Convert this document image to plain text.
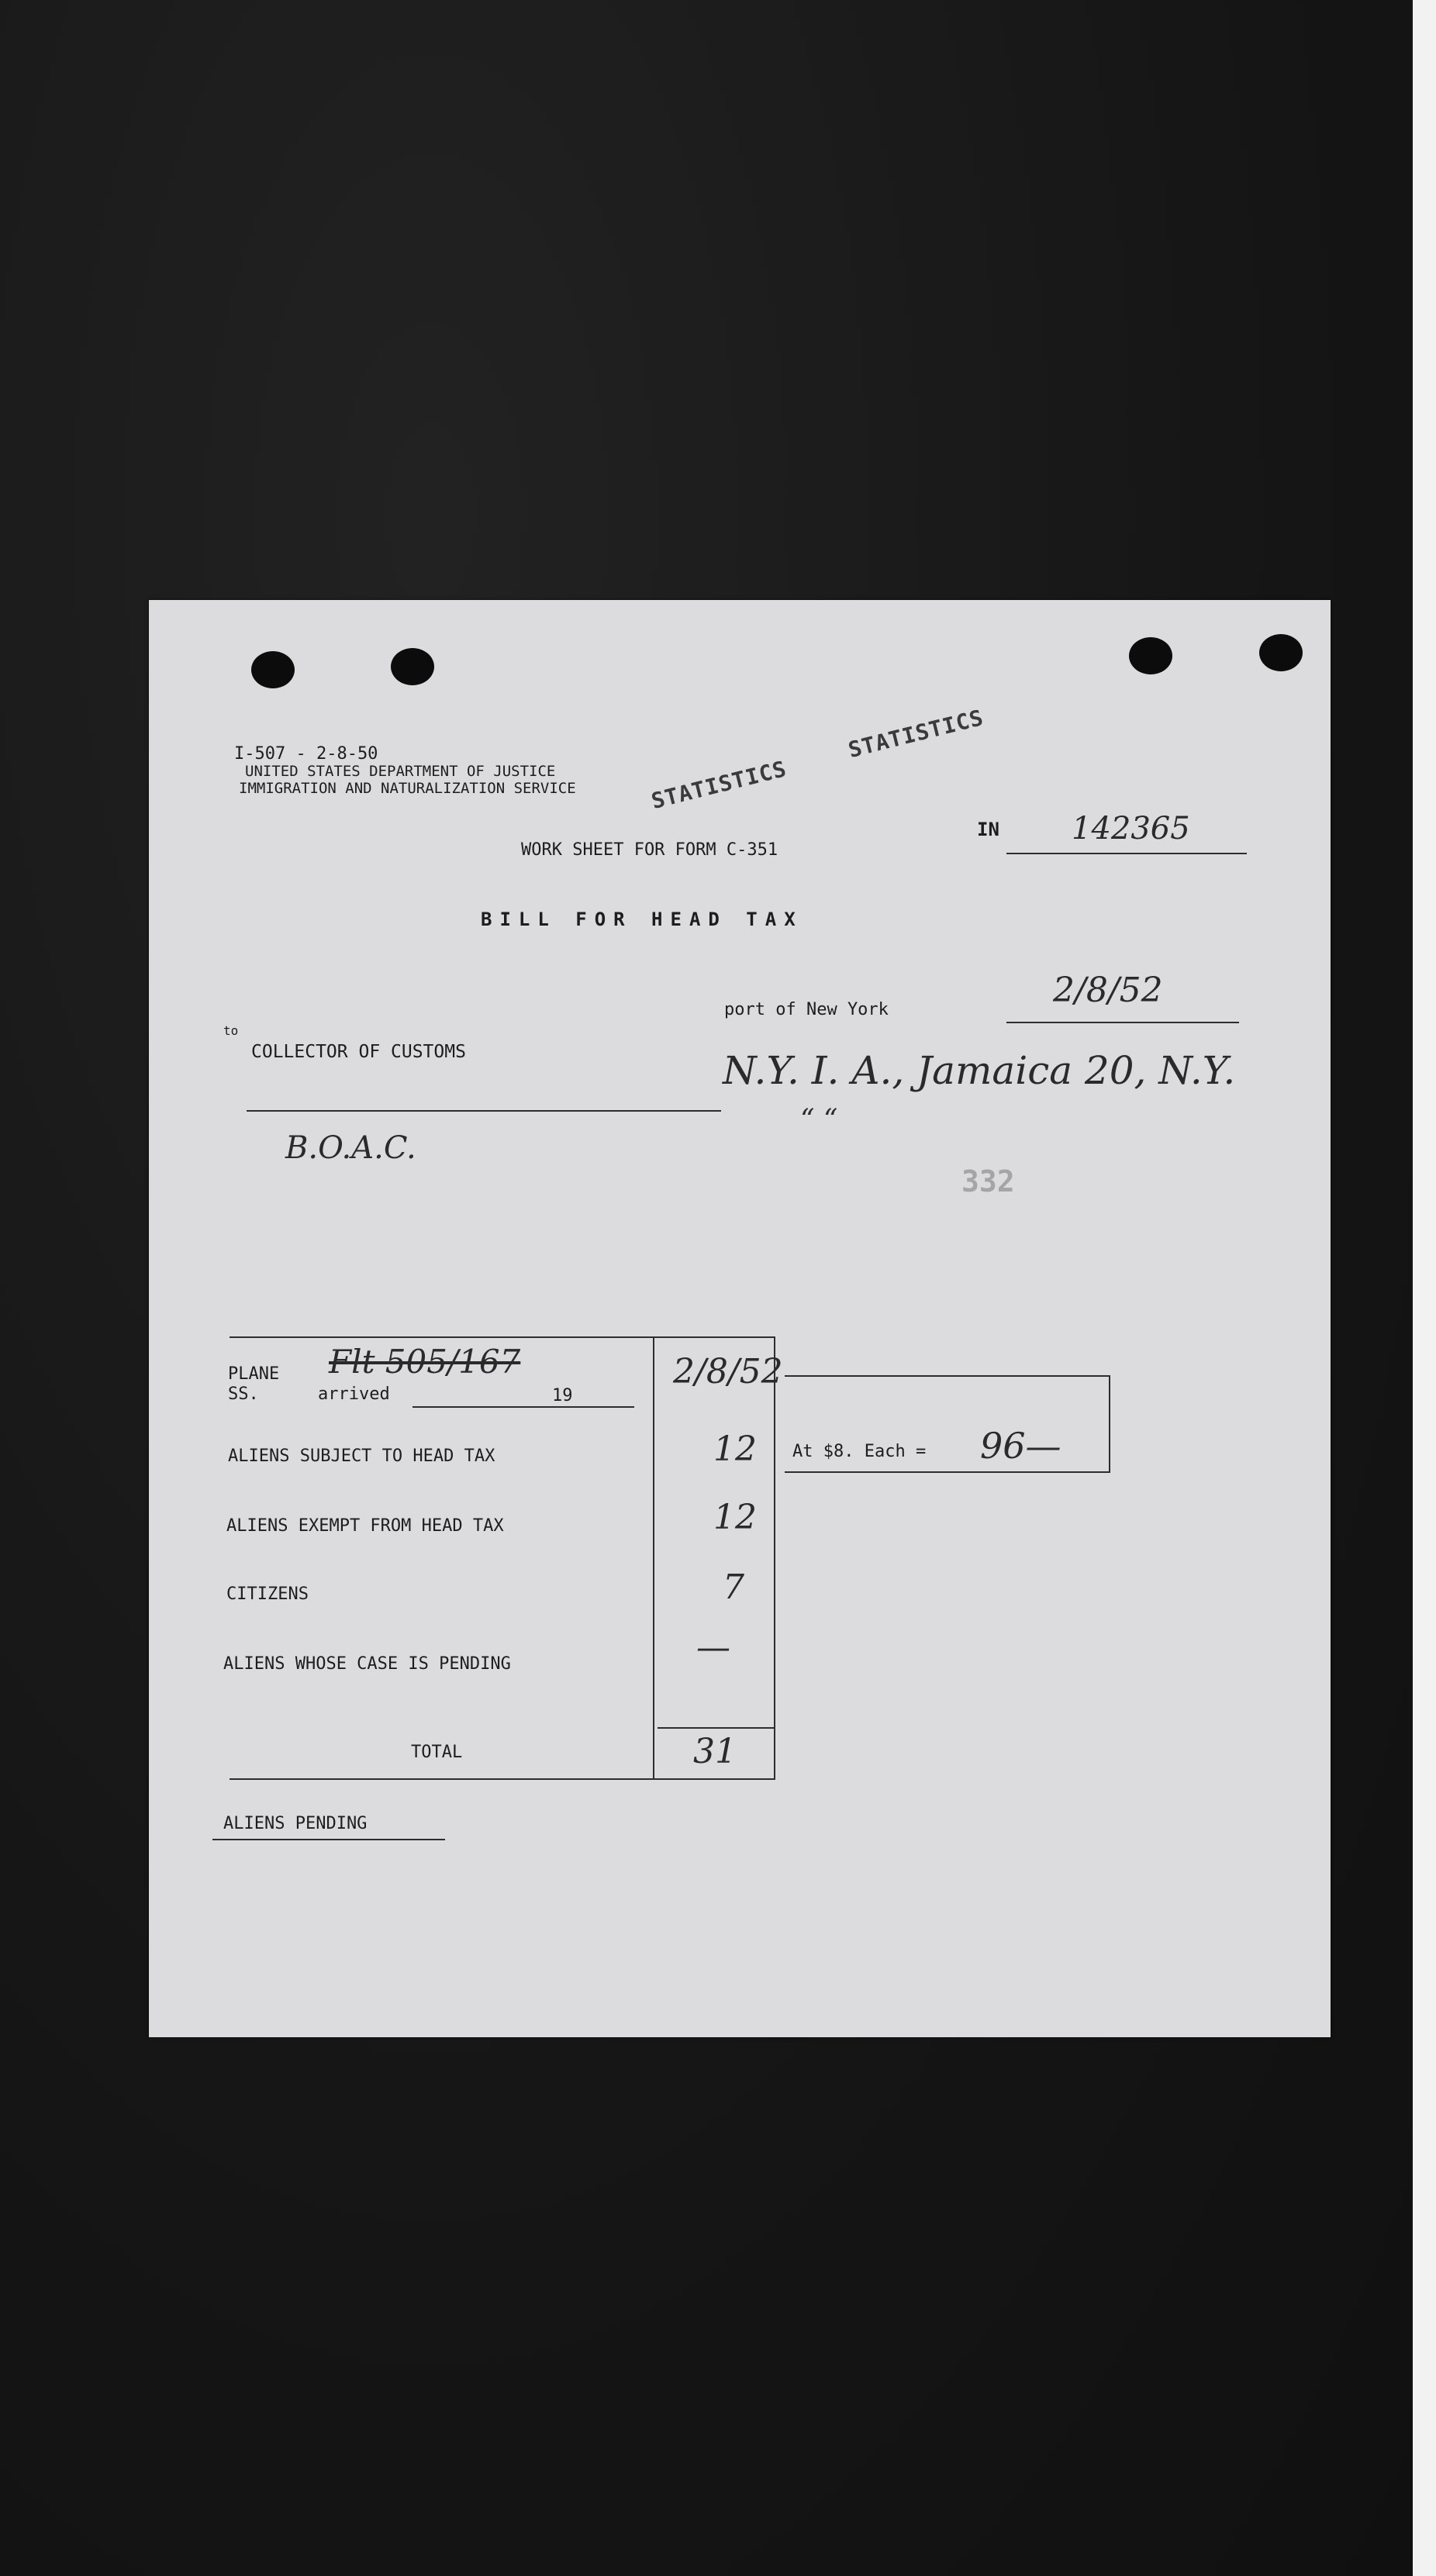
I-507 - 2-8-50
UNITED STATES DEPARTMENT OF JUSTICE
IMMIGRATION AND NATURALIZATION SERVICE	STATISTICS
STATISTICS
WORK SHEET FOR FORM C-351
IN 142365
BILL FOR HEAD TAX
port of New York	2/8/52
to
COLLECTOR OF CUSTOMS	N.Y. I. A., Jamaica 20, N.Y.
“ “
B.O.A.C.
332
PLANE Flt 505/167
SS.	arrived	19
2/8/52
ALIENS SUBJECT TO HEAD TAX	12
ALIENS EXEMPT FROM HEAD TAX	12
CITIZENS	7
ALIENS WHOSE CASE IS PENDING	—
TOTAL	31
At $8. Each = 96—
ALIENS PENDING
